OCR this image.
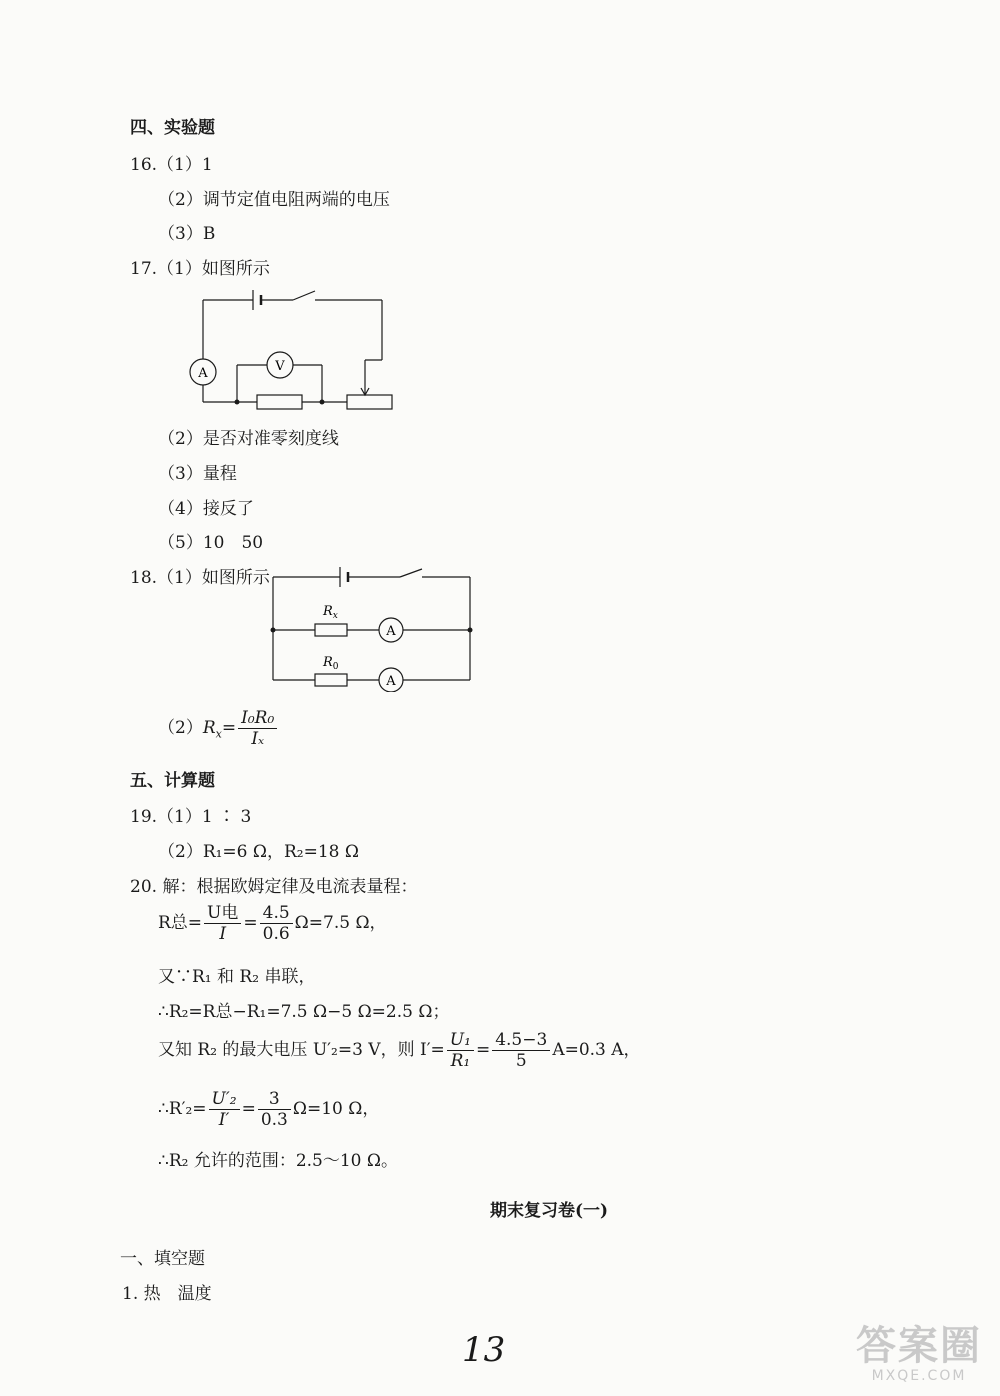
四、实验题
16.（1）1
（2）调节定值电阻两端的电压
（3）B
17.（1）如图所示
A	V
（2）是否对准零刻度线
（3）量程
（4）接反了
（5）10　50
18.（1）如图所示
$R_x$
$R_0$
A
A
$(2)R_x= \frac{\text{I₀R₀}}{\text{Iₓ}}$
五、计算题
19.（1）1 ∶ 3
（2）R₁=6 Ω，R₂=18 Ω
20. 解：根据欧姆定律及电流表量程：
R总= $\frac{\text{U电}}{I} = \frac{4.5}{0.6} \Omega=7.5$ Ω，
又∵R₁ 和 R₂ 串联，
∴R₂=R总−R₁=7.5 Ω−5 Ω=2.5 Ω；
又知 R₂ 的最大电压 U′₂=3 V，则 $I'= \frac{\text{U₁}}{\text{R₁}} = \frac{4.5-3}{5} A=0.3$ A，
∴R′₂= $\frac{\text{U′₂}}{I'} = \frac{3}{0.3} \Omega=10$ Ω，
∴R₂ 允许的范围：2.5～10 Ω。
期末复习卷(一)
一、填空题
1. 热　温度
13	答案圈
MXQE.COM
